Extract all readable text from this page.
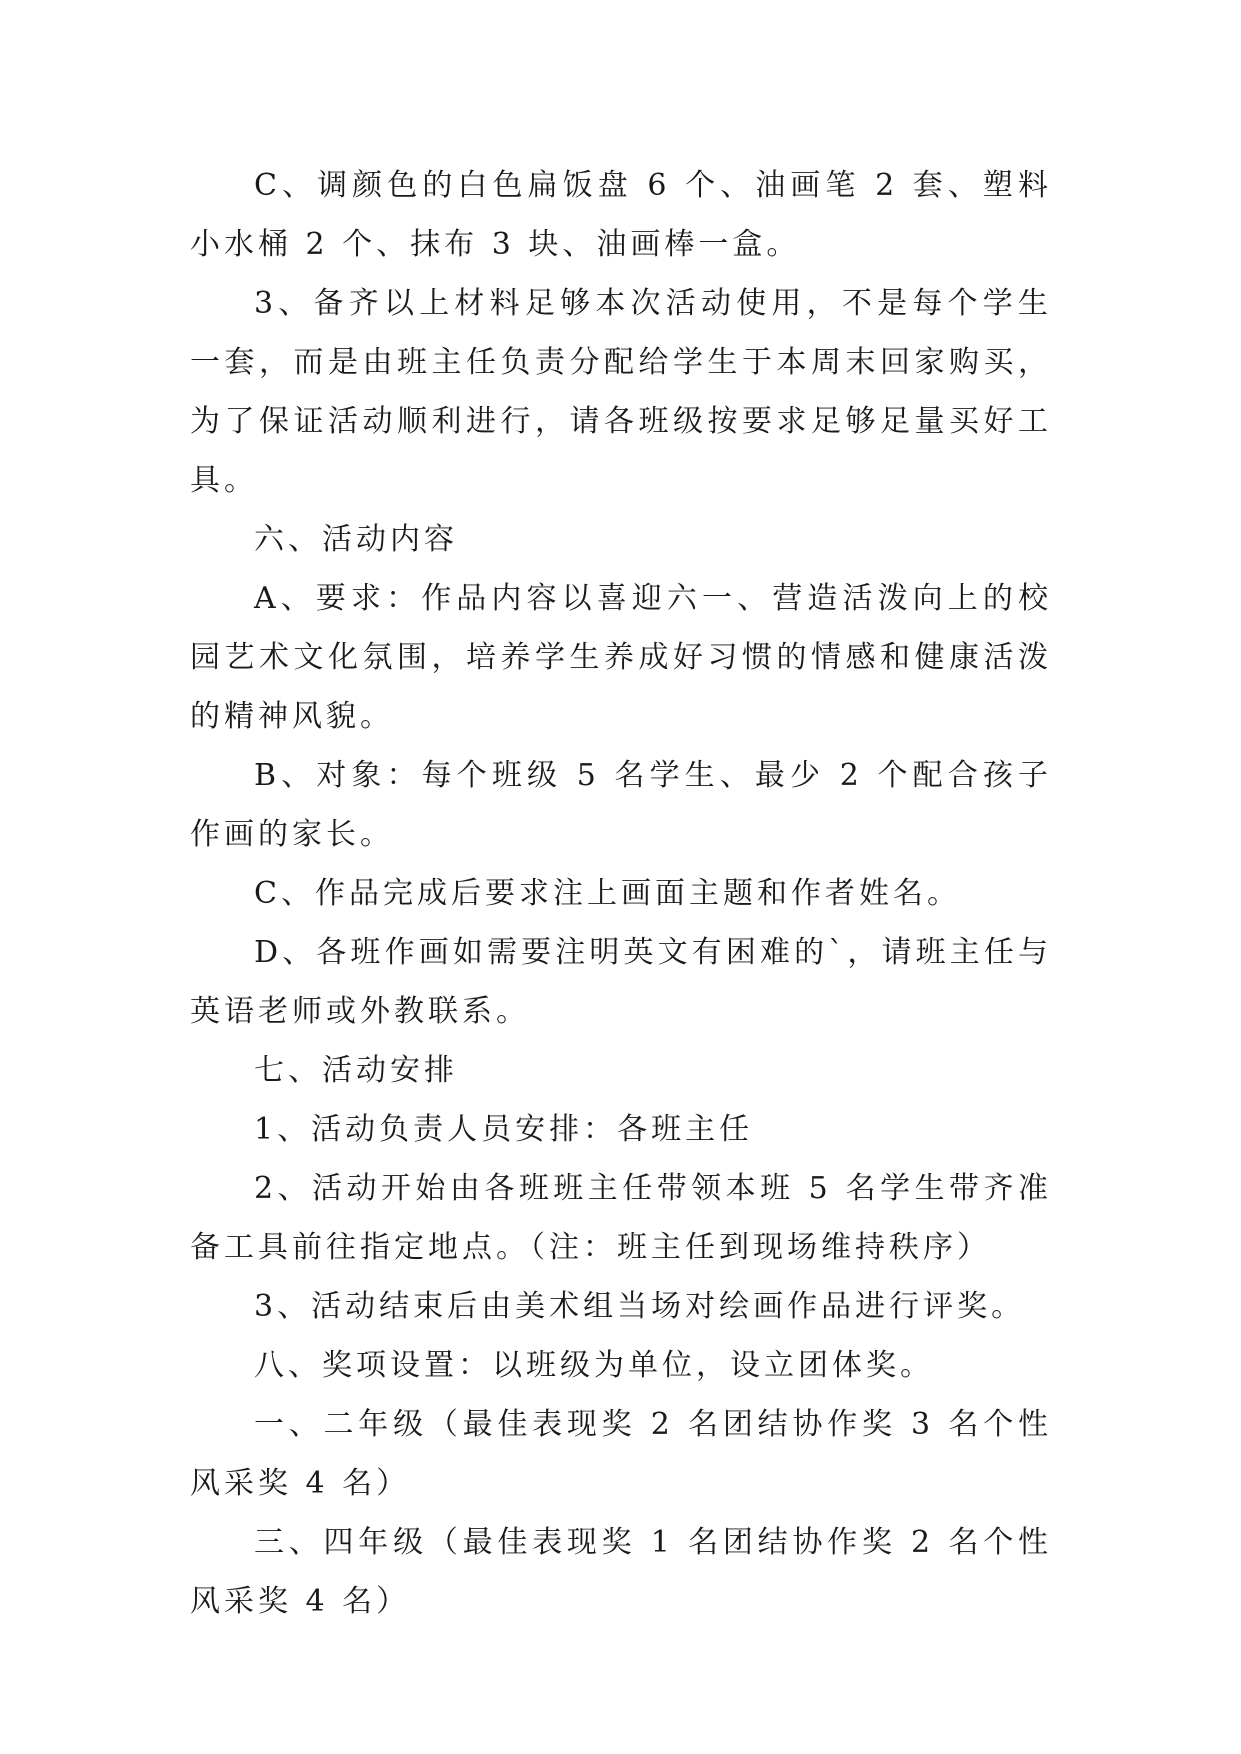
C、调颜色的白色扁饭盘 6 个、油画笔 2 套、塑料小水桶 2 个、抹布 3 块、油画棒一盒。

3、备齐以上材料足够本次活动使用，不是每个学生一套，而是由班主任负责分配给学生于本周末回家购买，为了保证活动顺利进行，请各班级按要求足够足量买好工具。

六、活动内容

A、要求：作品内容以喜迎六一、营造活泼向上的校园艺术文化氛围，培养学生养成好习惯的情感和健康活泼的精神风貌。

B、对象：每个班级 5 名学生、最少 2 个配合孩子作画的家长。

C、作品完成后要求注上画面主题和作者姓名。

D、各班作画如需要注明英文有困难的`，请班主任与英语老师或外教联系。

七、活动安排

1、活动负责人员安排：各班主任

2、活动开始由各班班主任带领本班 5 名学生带齐准备工具前往指定地点。（注：班主任到现场维持秩序）

3、活动结束后由美术组当场对绘画作品进行评奖。

八、奖项设置：以班级为单位，设立团体奖。

一、二年级（最佳表现奖 2 名团结协作奖 3 名个性风采奖 4 名）

三、四年级（最佳表现奖 1 名团结协作奖 2 名个性风采奖 4 名）
